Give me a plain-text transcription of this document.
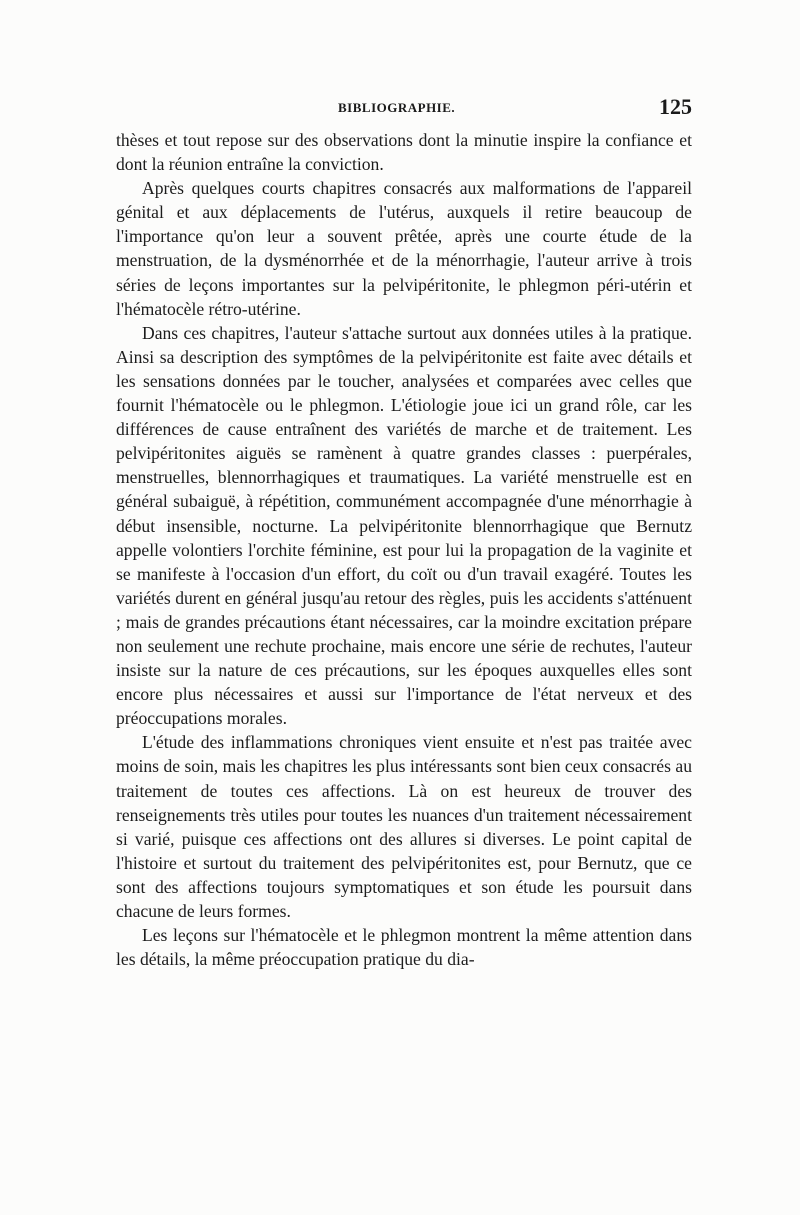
BIBLIOGRAPHIE.	125

thèses et tout repose sur des observations dont la minutie inspire la confiance et dont la réunion entraîne la conviction.

Après quelques courts chapitres consacrés aux malformations de l'appareil génital et aux déplacements de l'utérus, auxquels il retire beaucoup de l'importance qu'on leur a souvent prêtée, après une courte étude de la menstruation, de la dysménorrhée et de la ménorrhagie, l'auteur arrive à trois séries de leçons importantes sur la pelvipéritonite, le phlegmon péri-utérin et l'hématocèle rétro-utérine.

Dans ces chapitres, l'auteur s'attache surtout aux données utiles à la pratique. Ainsi sa description des symptômes de la pelvipéritonite est faite avec détails et les sensations données par le toucher, analysées et comparées avec celles que fournit l'hématocèle ou le phlegmon. L'étiologie joue ici un grand rôle, car les différences de cause entraînent des variétés de marche et de traitement. Les pelvipéritonites aiguës se ramènent à quatre grandes classes : puerpérales, menstruelles, blennorrhagiques et traumatiques. La variété menstruelle est en général subaiguë, à répétition, communément accompagnée d'une ménorrhagie à début insensible, nocturne. La pelvipéritonite blennorrhagique que Bernutz appelle volontiers l'orchite féminine, est pour lui la propagation de la vaginite et se manifeste à l'occasion d'un effort, du coït ou d'un travail exagéré. Toutes les variétés durent en général jusqu'au retour des règles, puis les accidents s'atténuent ; mais de grandes précautions étant nécessaires, car la moindre excitation prépare non seulement une rechute prochaine, mais encore une série de rechutes, l'auteur insiste sur la nature de ces précautions, sur les époques auxquelles elles sont encore plus nécessaires et aussi sur l'importance de l'état nerveux et des préoccupations morales.

L'étude des inflammations chroniques vient ensuite et n'est pas traitée avec moins de soin, mais les chapitres les plus intéressants sont bien ceux consacrés au traitement de toutes ces affections. Là on est heureux de trouver des renseignements très utiles pour toutes les nuances d'un traitement nécessairement si varié, puisque ces affections ont des allures si diverses. Le point capital de l'histoire et surtout du traitement des pelvipéritonites est, pour Bernutz, que ce sont des affections toujours symptomatiques et son étude les poursuit dans chacune de leurs formes.

Les leçons sur l'hématocèle et le phlegmon montrent la même attention dans les détails, la même préoccupation pratique du dia-
